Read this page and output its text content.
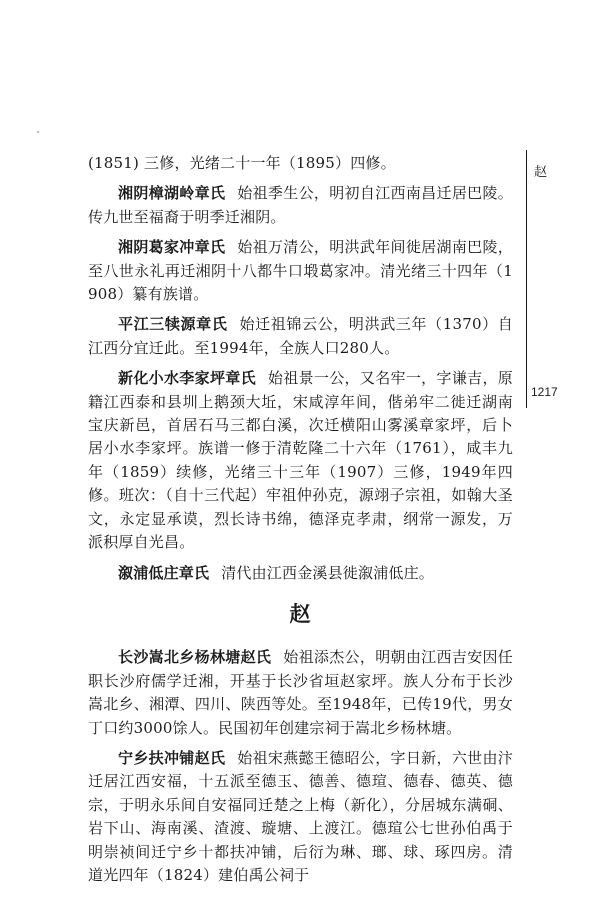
(1851) 三修，光绪二十一年（1895）四修。

湘阴樟湖岭章氏 始祖季生公，明初自江西南昌迁居巴陵。传九世至福裔于明季迁湘阴。

湘阴葛家冲章氏 始祖万清公，明洪武年间徙居湖南巴陵，至八世永礼再迁湘阴十八都牛口塅葛家冲。清光绪三十四年（1908）纂有族谱。

平江三犊源章氏 始迁祖锦云公，明洪武三年（1370）自江西分宜迁此。至1994年，全族人口280人。

新化小水李家坪章氏 始祖景一公，又名牢一，字谦吉，原籍江西泰和县圳上鹅颈大坵，宋咸淳年间，偕弟牢二徙迁湖南宝庆新邑，首居石马三都白溪，次迁横阳山雾溪章家坪，后卜居小水李家坪。族谱一修于清乾隆二十六年（1761），咸丰九年（1859）续修，光绪三十三年（1907）三修，1949年四修。班次：（自十三代起）牢祖仲孙克，源翊子宗祖，如翰大圣文，永定显承谟，烈长诗书绵，德泽克孝肃，纲常一源发，万派积厚自光昌。

溆浦低庄章氏 清代由江西金溪县徙溆浦低庄。

赵

长沙嵩北乡杨林塘赵氏 始祖添杰公，明朝由江西吉安因任职长沙府儒学迁湘，开基于长沙省垣赵家坪。族人分布于长沙嵩北乡、湘潭、四川、陕西等处。至1948年，已传19代，男女丁口约3000馀人。民国初年创建宗祠于嵩北乡杨林塘。

宁乡扶冲铺赵氏 始祖宋燕懿王德昭公，字日新，六世由汴迁居江西安福，十五派至德玉、德善、德瑄、德春、德英、德宗，于明永乐间自安福同迁楚之上梅（新化），分居城东满硐、岩下山、海南溪、渣渡、璇塘、上渡江。德瑄公七世孙伯禹于明崇祯间迁宁乡十都扶冲铺，后衍为琳、瑯、球、琢四房。清道光四年（1824）建伯禹公祠于

赵
1217
